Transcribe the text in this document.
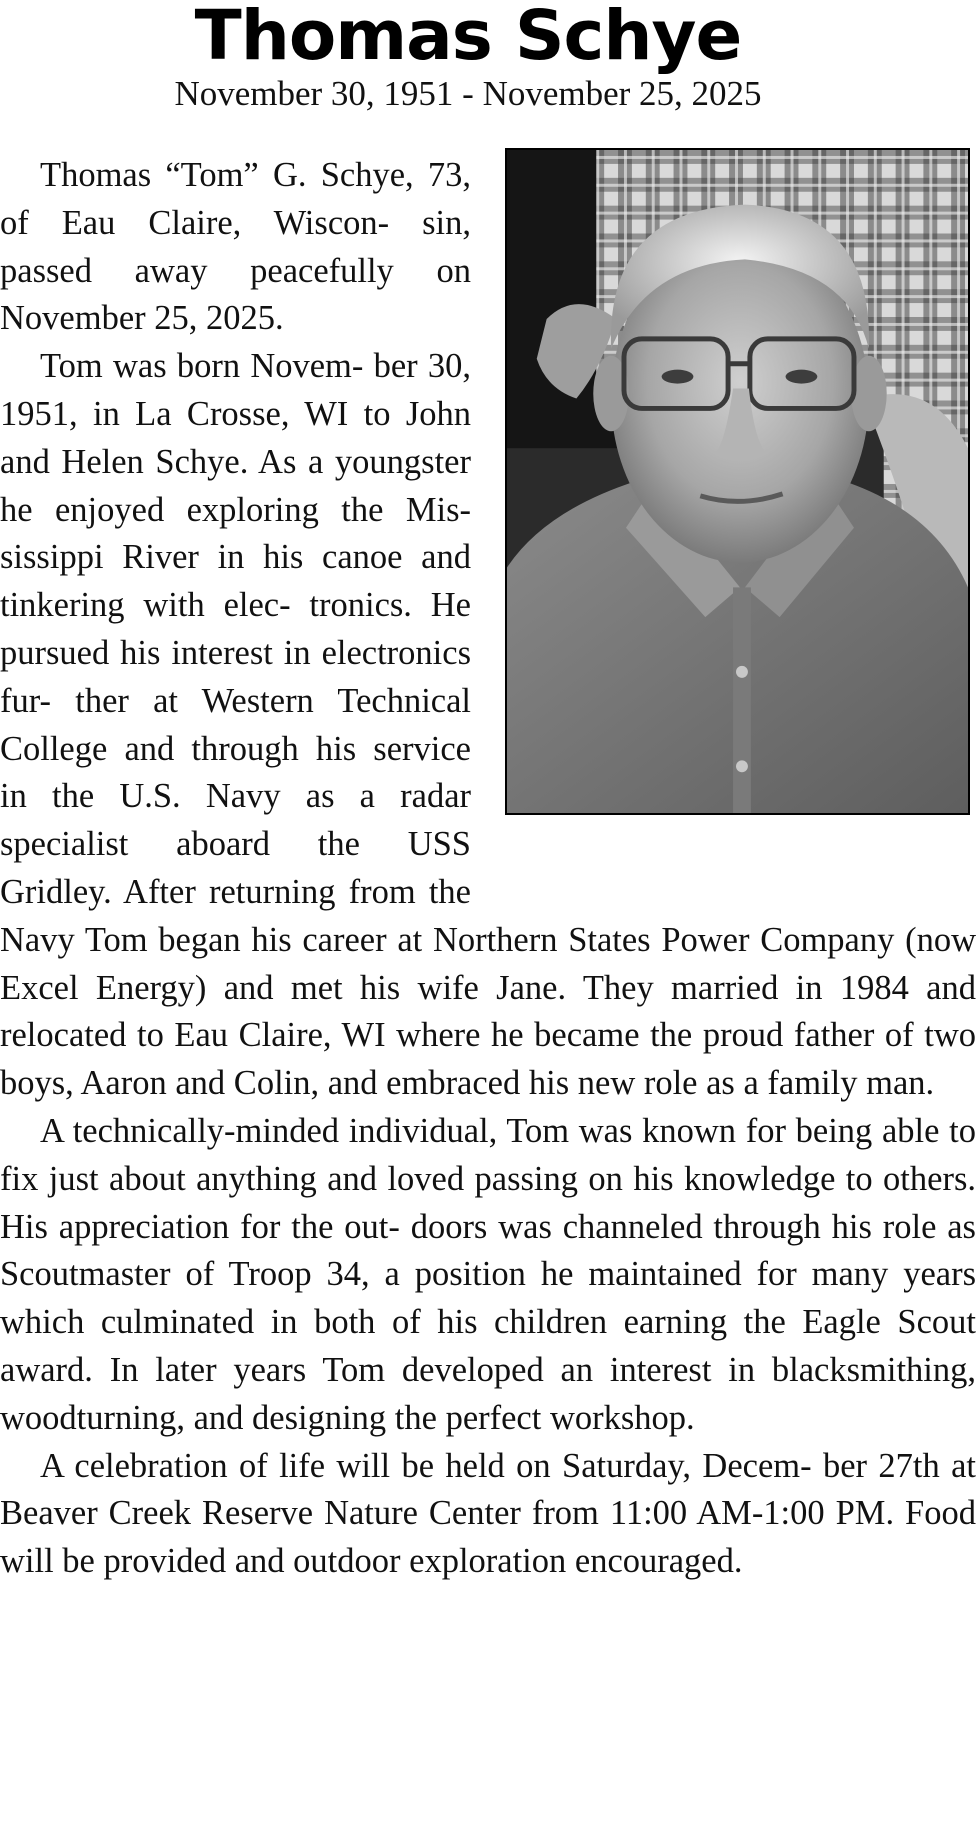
Thomas Schye
November 30, 1951 - November 25, 2025

Thomas “Tom” G. Schye, 73, of Eau Claire, Wiscon- sin, passed away peacefully on November 25, 2025.

Tom was born Novem- ber 30, 1951, in La Crosse, WI to John and Helen Schye. As a youngster he enjoyed exploring the Mis- sissippi River in his canoe and tinkering with elec- tronics. He pursued his interest in electronics fur- ther at Western Technical College and through his service in the U.S. Navy as a radar specialist aboard the USS Gridley. After returning from the Navy Tom began his career at Northern States Power Company (now Excel Energy) and met his wife Jane. They married in 1984 and relocated to Eau Claire, WI where he became the proud father of two boys, Aaron and Colin, and embraced his new role as a family man.

A technically-minded individual, Tom was known for being able to fix just about anything and loved passing on his knowledge to others. His appreciation for the out- doors was channeled through his role as Scoutmaster of Troop 34, a position he maintained for many years which culminated in both of his children earning the Eagle Scout award. In later years Tom developed an interest in blacksmithing, woodturning, and designing the perfect workshop.

A celebration of life will be held on Saturday, Decem- ber 27th at Beaver Creek Reserve Nature Center from 11:00 AM-1:00 PM. Food will be provided and outdoor exploration encouraged.
